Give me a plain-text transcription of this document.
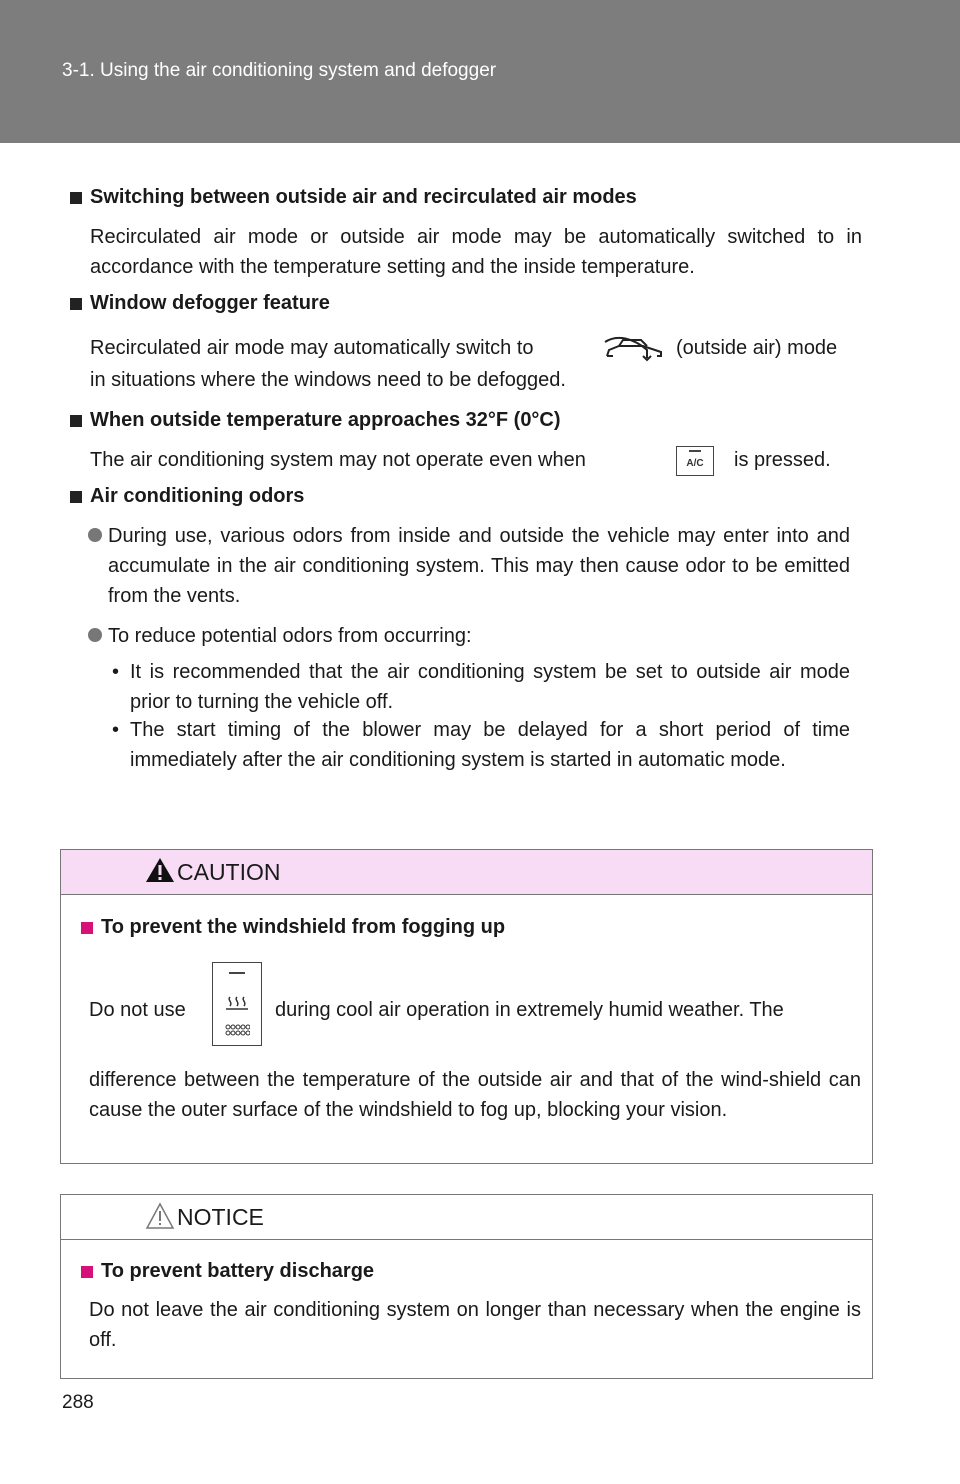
3-1. Using the air conditioning system and defogger
Switching between outside air and recirculated air modes
Recirculated air mode or outside air mode may be automatically switched to in accordance with the temperature setting and the inside temperature.
Window defogger feature
Recirculated air mode may automatically switch to	(outside air) mode
in situations where the windows need to be defogged.
When outside temperature approaches 32°F (0°C)
The air conditioning system may not operate even when	A/C	is pressed.
Air conditioning odors
During use, various odors from inside and outside the vehicle may enter into and accumulate in the air conditioning system. This may then cause odor to be emitted from the vents.
To reduce potential odors from occurring:
• It is recommended that the air conditioning system be set to outside air mode prior to turning the vehicle off.
• The start timing of the blower may be delayed for a short period of time immediately after the air conditioning system is started in automatic mode.
CAUTION
To prevent the windshield from fogging up
Do not use	during cool air operation in extremely humid weather. The
difference between the temperature of the outside air and that of the wind-shield can cause the outer surface of the windshield to fog up, blocking your vision.
NOTICE
To prevent battery discharge
Do not leave the air conditioning system on longer than necessary when the engine is off.
288
